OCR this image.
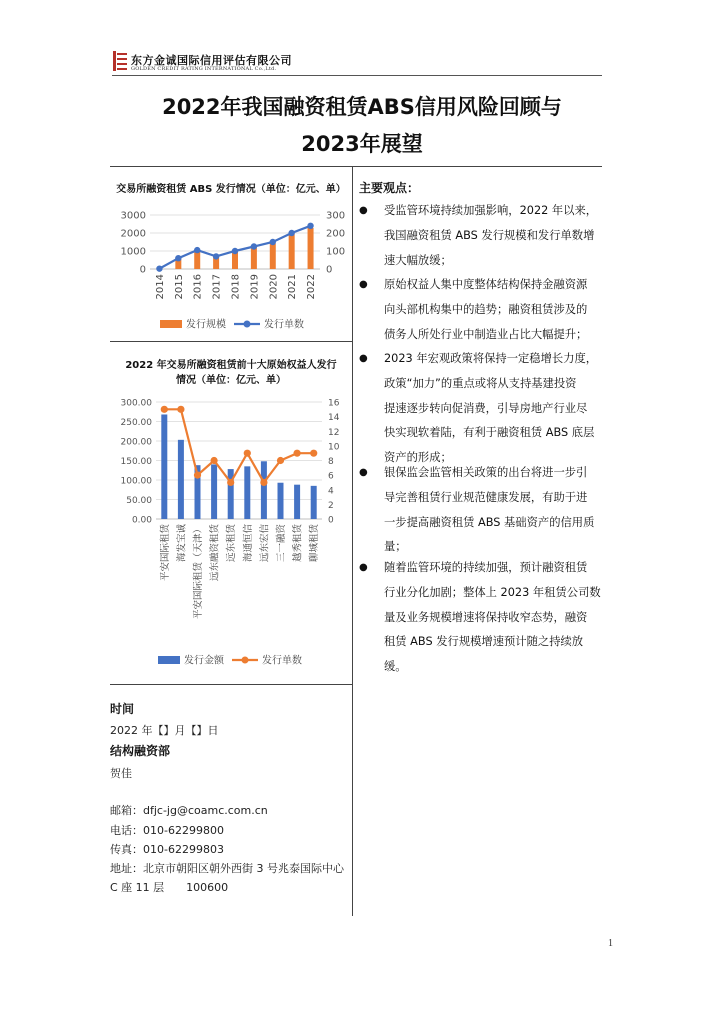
东方金诚国际信用评估有限公司
GOLDEN CREDIT RATING INTERNATIONAL Co.,Ltd.
2022年我国融资租赁ABS信用风险回顾与
2023年展望
交易所融资租赁 ABS 发行情况（单位：亿元、单）
0
1000
2000
3000
0
100
200
300
2014 2015 2016 2017 2018 2019 2020 2021 2022
发行规模	发行单数
2022 年交易所融资租赁前十大原始权益人发行
情况（单位：亿元、单）
0.00
50.00
100.00
150.00
200.00
250.00
300.00
0
2
4
6
8
10
12
14
16
平安国际租赁 海发宝诚 平安国际租赁（天津） 远东融资租赁 远东租赁 海通恒信 远东宏信 三一融资 越秀租赁 聊城租赁
发行金额	发行单数
时间
2022 年【】月【】日
结构融资部
贺佳
邮箱：dfjc-jg@coamc.com.cn
电话：010-62299800
传真：010-62299803
地址：北京市朝阳区朝外西街 3 号兆泰国际中心
C 座 11 层　　100600
主要观点：
● 受监管环境持续加强影响，2022 年以来，
我国融资租赁 ABS 发行规模和发行单数增
速大幅放缓；
● 原始权益人集中度整体结构保持金融资源
向头部机构集中的趋势；融资租赁涉及的
债务人所处行业中制造业占比大幅提升；
● 2023 年宏观政策将保持一定稳增长力度，
政策“加力”的重点或将从支持基建投资
提速逐步转向促消费，引导房地产行业尽
快实现软着陆，有利于融资租赁 ABS 底层
资产的形成；
● 银保监会监管相关政策的出台将进一步引
导完善租赁行业规范健康发展，有助于进
一步提高融资租赁 ABS 基础资产的信用质
量；
● 随着监管环境的持续加强，预计融资租赁
行业分化加剧；整体上 2023 年租赁公司数
量及业务规模增速将保持收窄态势，融资
租赁 ABS 发行规模增速预计随之持续放
缓。
1
